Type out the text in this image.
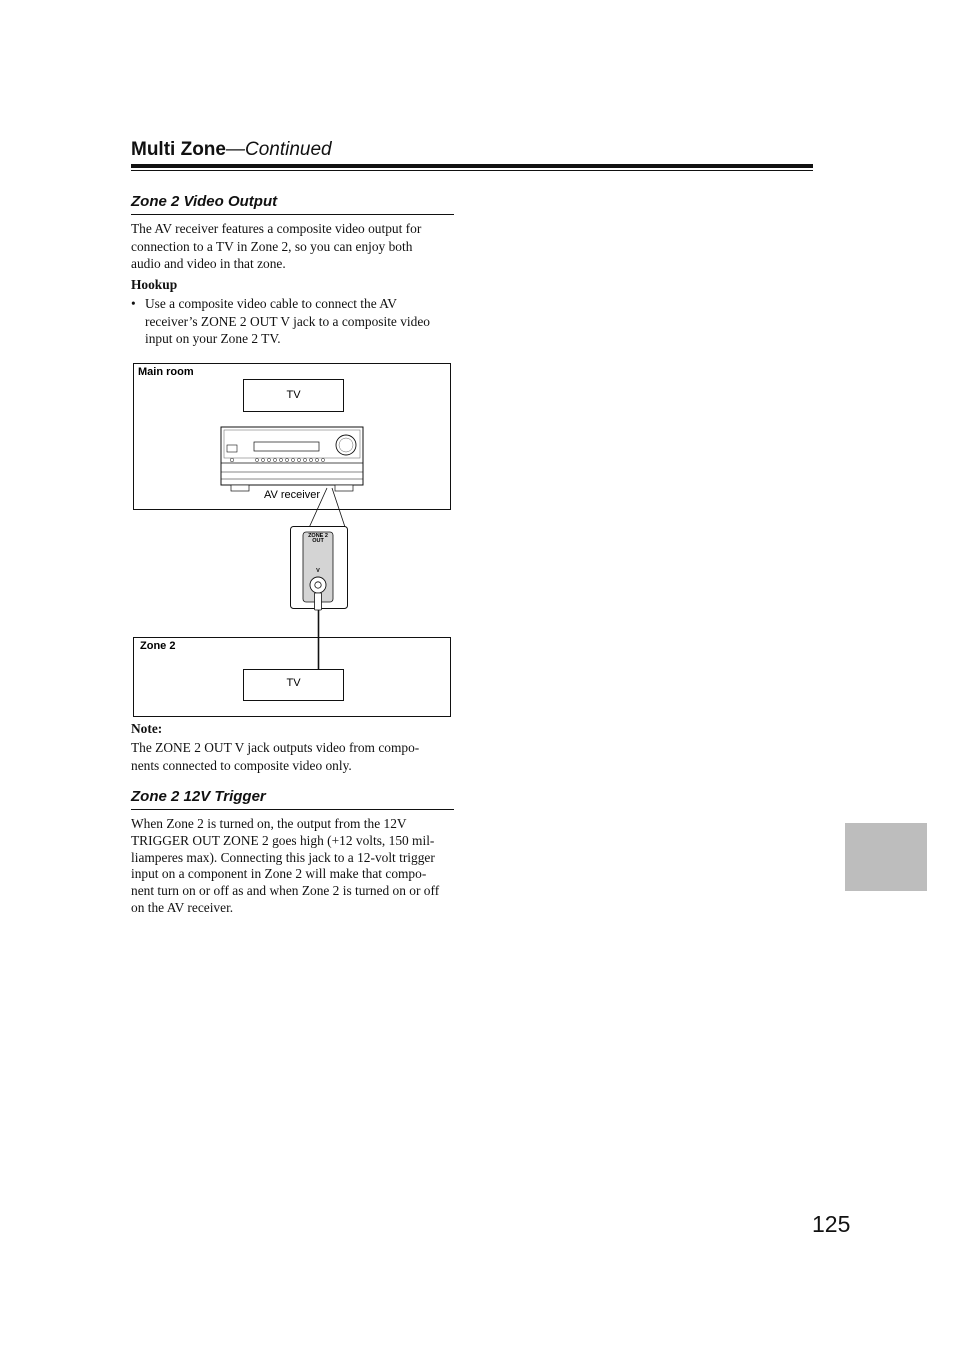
Multi Zone—Continued
Zone 2 Video Output
The AV receiver features a composite video output for
connection to a TV in Zone 2, so you can enjoy both
audio and video in that zone.
Hookup
• Use a composite video cable to connect the AV
receiver’s ZONE 2 OUT V jack to a composite video
input on your Zone 2 TV.
Main room
TV
AV receiver
ZONE 2
OUT
V
Zone 2
TV
Note:
The ZONE 2 OUT V jack outputs video from compo-
nents connected to composite video only.
Zone 2 12V Trigger
When Zone 2 is turned on, the output from the 12V
TRIGGER OUT ZONE 2 goes high (+12 volts, 150 mil-
liamperes max). Connecting this jack to a 12-volt trigger
input on a component in Zone 2 will make that compo-
nent turn on or off as and when Zone 2 is turned on or off
on the AV receiver.
125
